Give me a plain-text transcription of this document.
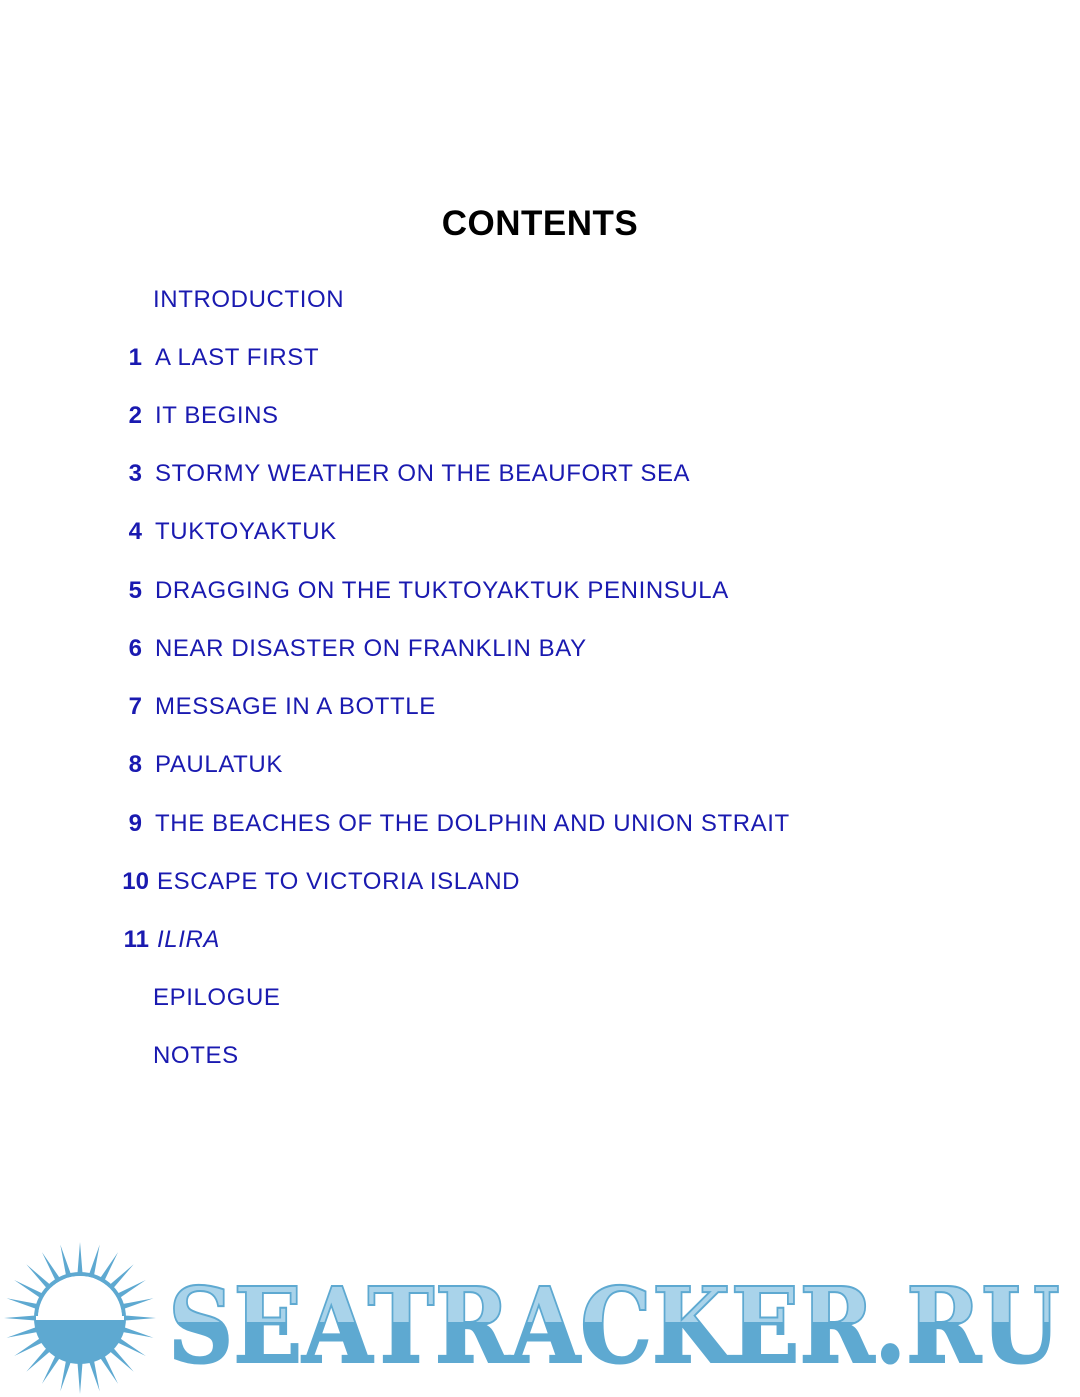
CONTENTS
INTRODUCTION
1 A LAST FIRST
2 IT BEGINS
3 STORMY WEATHER ON THE BEAUFORT SEA
4 TUKTOYAKTUK
5 DRAGGING ON THE TUKTOYAKTUK PENINSULA
6 NEAR DISASTER ON FRANKLIN BAY
7 MESSAGE IN A BOTTLE
8 PAULATUK
9 THE BEACHES OF THE DOLPHIN AND UNION STRAIT
10 ESCAPE TO VICTORIA ISLAND
11 ILIRA
EPILOGUE
NOTES
SEATRACKER.RU
